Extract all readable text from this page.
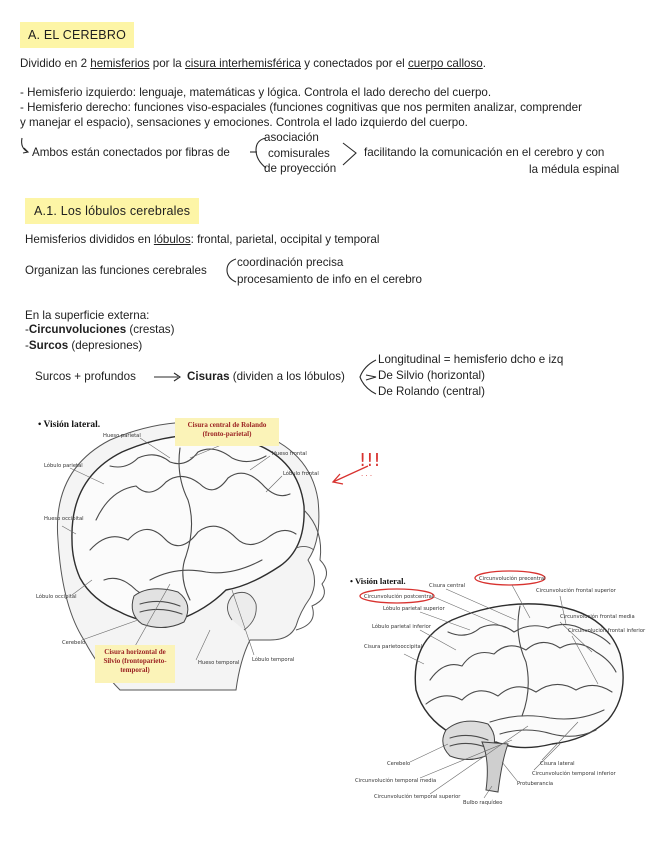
A. EL CEREBRO
Dividido en 2 hemisferios por la cisura interhemisférica y conectados por el cuerpo calloso.
- Hemisferio izquierdo: lenguaje, matemáticas y lógica. Controla el lado derecho del cuerpo.
- Hemisferio derecho: funciones viso-espaciales (funciones cognitivas que nos permiten analizar, comprender
y manejar el espacio), sensaciones y emociones. Controla el lado izquierdo del cuerpo.
Ambos están conectados por fibras de
asociación
comisurales
de proyección
facilitando la comunicación en el cerebro y con
la médula espinal
A.1. Los lóbulos cerebrales
Hemisferios divididos en lóbulos: frontal, parietal, occipital y temporal
Organizan las funciones cerebrales
coordinación precisa
procesamiento de info en el cerebro
En la superficie externa:
-Circunvoluciones (crestas)
-Surcos (depresiones)
Surcos + profundos	Cisuras (dividen a los lóbulos)
Longitudinal = hemisferio dcho e izq
De Silvio (horizontal)
De Rolando (central)
• Visión lateral.
Hueso parietal
Lóbulo parietal
Hueso occipital
Lóbulo occipital
Cerebelo
Hueso frontal
Lóbulo frontal
Hueso temporal Lóbulo temporal
!!!
· · ·
Cisura central de Rolando
(fronto-parietal)
Cisura horizontal de
Silvio (frontoparieto-
temporal)
• Visión lateral.	Cisura central
Circunvolución precentral
Circunvolución postcentral
Lóbulo parietal superior
Lóbulo parietal inferior
Cisura parietooccipital
Circunvolución frontal superior
Circunvolución frontal media
Circunvolución frontal inferior
Cerebelo
Circunvolución temporal media
Circunvolución temporal superior
Bulbo raquídeo
Protuberancia
Circunvolución temporal inferior
Cisura lateral
